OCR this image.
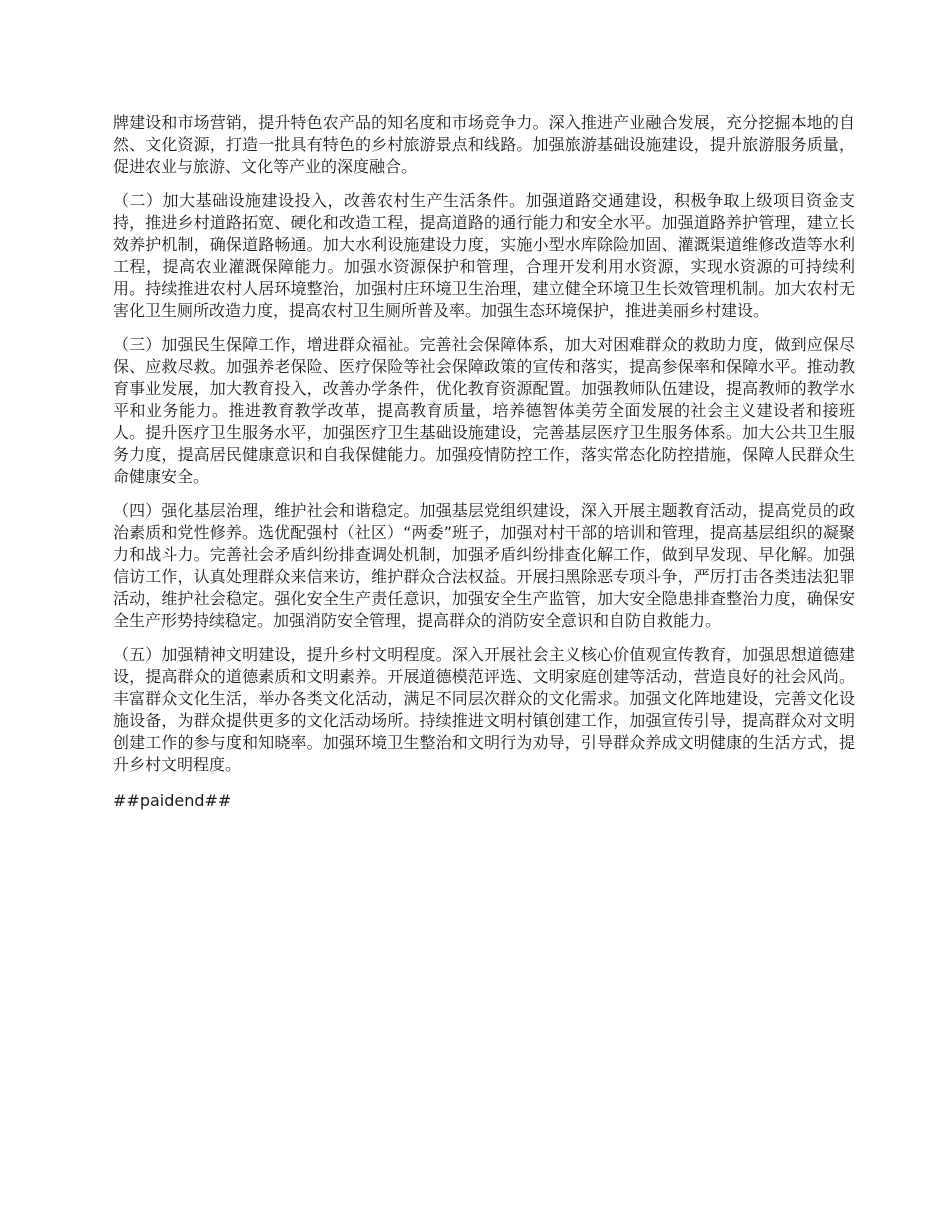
牌建设和市场营销，提升特色农产品的知名度和市场竞争力。深入推进产业融合发展，充分挖掘本地的自然、文化资源，打造一批具有特色的乡村旅游景点和线路。加强旅游基础设施建设，提升旅游服务质量，促进农业与旅游、文化等产业的深度融合。

（二）加大基础设施建设投入，改善农村生产生活条件。加强道路交通建设，积极争取上级项目资金支持，推进乡村道路拓宽、硬化和改造工程，提高道路的通行能力和安全水平。加强道路养护管理，建立长效养护机制，确保道路畅通。加大水利设施建设力度，实施小型水库除险加固、灌溉渠道维修改造等水利工程，提高农业灌溉保障能力。加强水资源保护和管理，合理开发利用水资源，实现水资源的可持续利用。持续推进农村人居环境整治，加强村庄环境卫生治理，建立健全环境卫生长效管理机制。加大农村无害化卫生厕所改造力度，提高农村卫生厕所普及率。加强生态环境保护，推进美丽乡村建设。

（三）加强民生保障工作，增进群众福祉。完善社会保障体系，加大对困难群众的救助力度，做到应保尽保、应救尽救。加强养老保险、医疗保险等社会保障政策的宣传和落实，提高参保率和保障水平。推动教育事业发展，加大教育投入，改善办学条件，优化教育资源配置。加强教师队伍建设，提高教师的教学水平和业务能力。推进教育教学改革，提高教育质量，培养德智体美劳全面发展的社会主义建设者和接班人。提升医疗卫生服务水平，加强医疗卫生基础设施建设，完善基层医疗卫生服务体系。加大公共卫生服务力度，提高居民健康意识和自我保健能力。加强疫情防控工作，落实常态化防控措施，保障人民群众生命健康安全。

（四）强化基层治理，维护社会和谐稳定。加强基层党组织建设，深入开展主题教育活动，提高党员的政治素质和党性修养。选优配强村（社区）“两委”班子，加强对村干部的培训和管理，提高基层组织的凝聚力和战斗力。完善社会矛盾纠纷排查调处机制，加强矛盾纠纷排查化解工作，做到早发现、早化解。加强信访工作，认真处理群众来信来访，维护群众合法权益。开展扫黑除恶专项斗争，严厉打击各类违法犯罪活动，维护社会稳定。强化安全生产责任意识，加强安全生产监管，加大安全隐患排查整治力度，确保安全生产形势持续稳定。加强消防安全管理，提高群众的消防安全意识和自防自救能力。

（五）加强精神文明建设，提升乡村文明程度。深入开展社会主义核心价值观宣传教育，加强思想道德建设，提高群众的道德素质和文明素养。开展道德模范评选、文明家庭创建等活动，营造良好的社会风尚。丰富群众文化生活，举办各类文化活动，满足不同层次群众的文化需求。加强文化阵地建设，完善文化设施设备，为群众提供更多的文化活动场所。持续推进文明村镇创建工作，加强宣传引导，提高群众对文明创建工作的参与度和知晓率。加强环境卫生整治和文明行为劝导，引导群众养成文明健康的生活方式，提升乡村文明程度。

##paidend##
